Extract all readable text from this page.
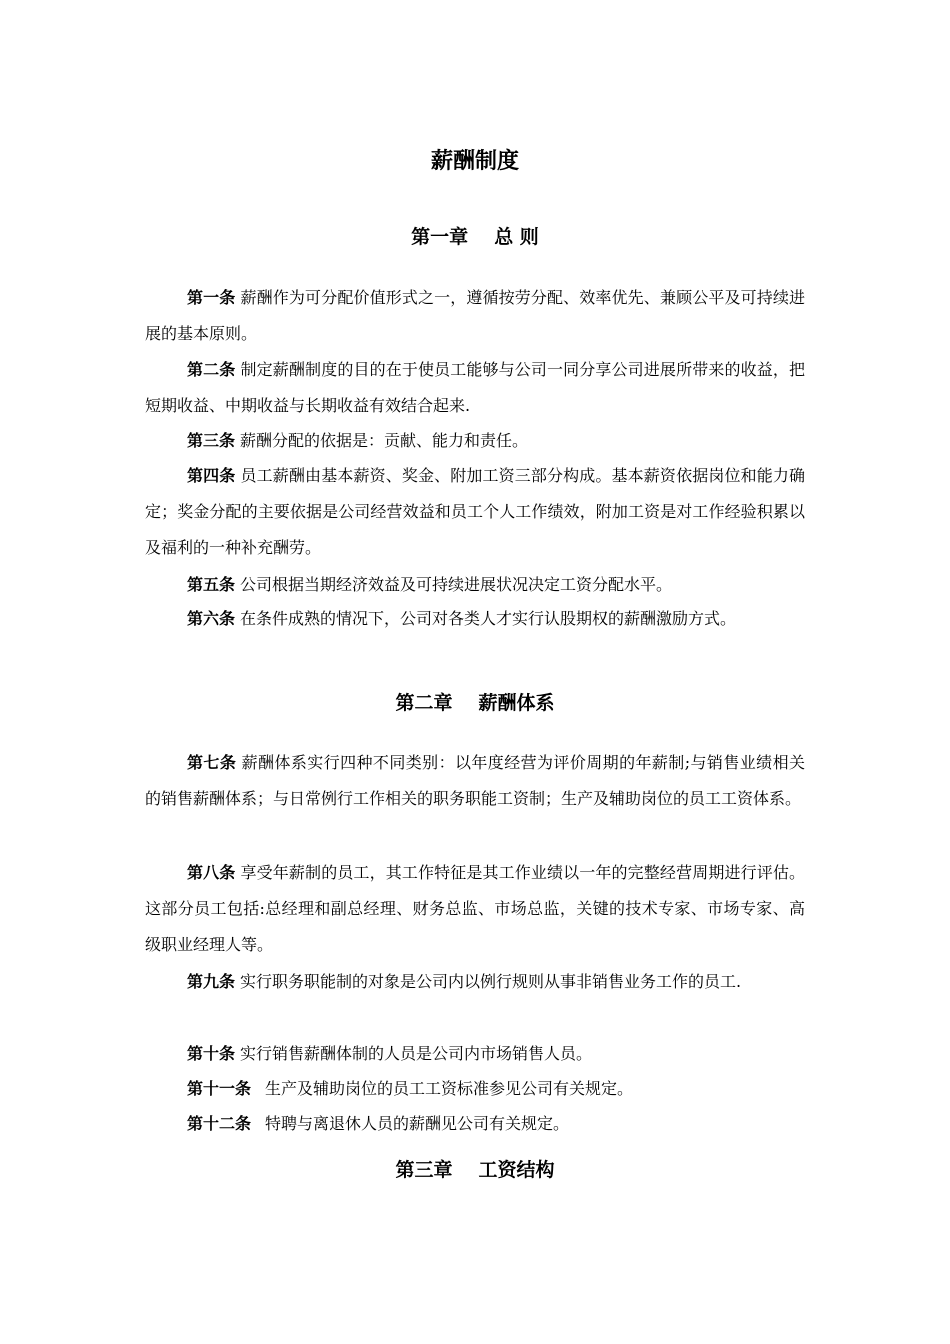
薪酬制度
第一章 总 则
第一条 薪酬作为可分配价值形式之一，遵循按劳分配、效率优先、兼顾公平及可持续进展的基本原则。
第二条 制定薪酬制度的目的在于使员工能够与公司一同分享公司进展所带来的收益，把短期收益、中期收益与长期收益有效结合起来.
第三条 薪酬分配的依据是：贡献、能力和责任。
第四条 员工薪酬由基本薪资、奖金、附加工资三部分构成。基本薪资依据岗位和能力确定；奖金分配的主要依据是公司经营效益和员工个人工作绩效，附加工资是对工作经验积累以及福利的一种补充酬劳。
第五条 公司根据当期经济效益及可持续进展状况决定工资分配水平。
第六条 在条件成熟的情况下，公司对各类人才实行认股期权的薪酬激励方式。
第二章 薪酬体系
第七条 薪酬体系实行四种不同类别：以年度经营为评价周期的年薪制;与销售业绩相关的销售薪酬体系；与日常例行工作相关的职务职能工资制；生产及辅助岗位的员工工资体系。
第八条 享受年薪制的员工，其工作特征是其工作业绩以一年的完整经营周期进行评估。这部分员工包括:总经理和副总经理、财务总监、市场总监，关键的技术专家、市场专家、高级职业经理人等。
第九条 实行职务职能制的对象是公司内以例行规则从事非销售业务工作的员工.
第十条 实行销售薪酬体制的人员是公司内市场销售人员。
第十一条 生产及辅助岗位的员工工资标准参见公司有关规定。
第十二条 特聘与离退休人员的薪酬见公司有关规定。
第三章 工资结构
